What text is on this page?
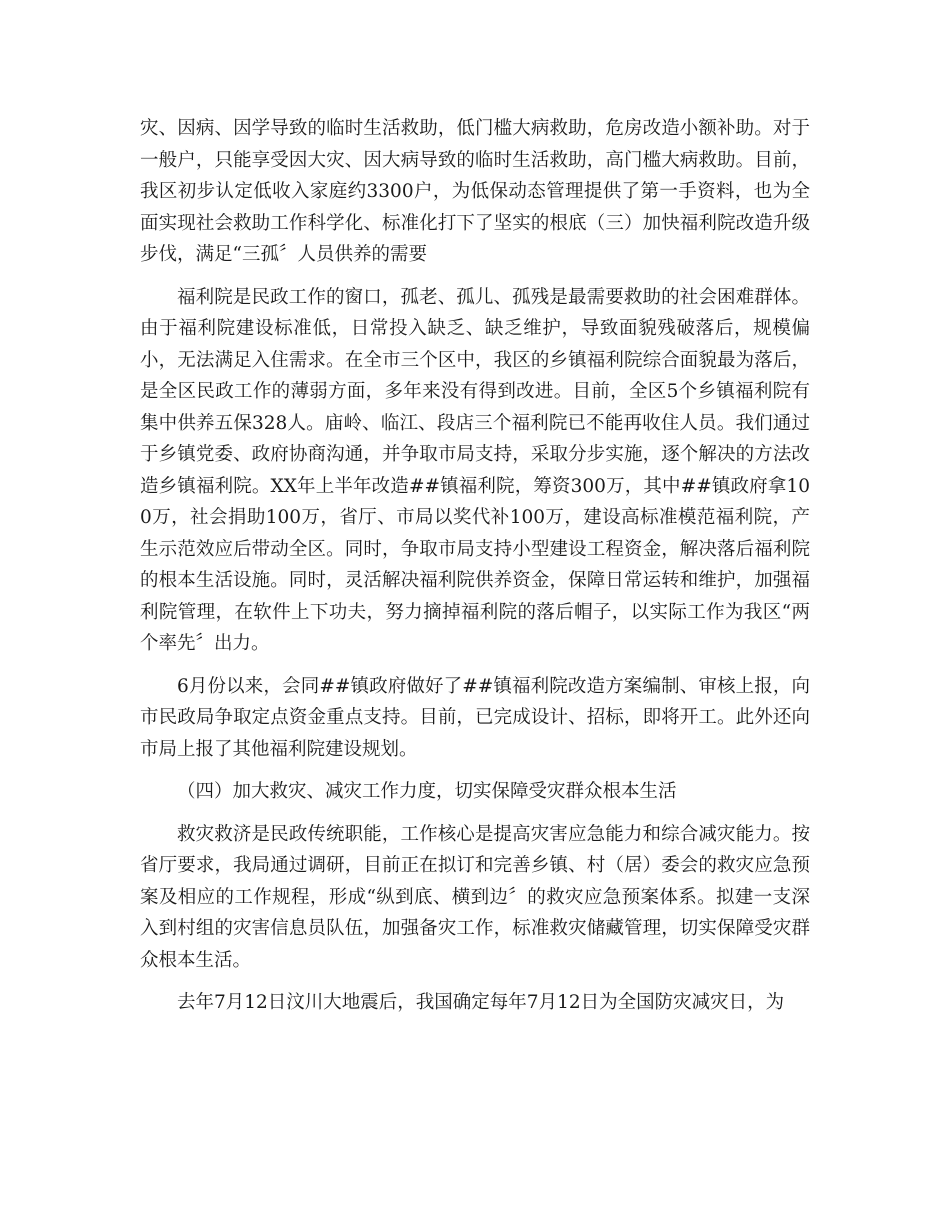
灾、因病、因学导致的临时生活救助，低门槛大病救助，危房改造小额补助。对于一般户，只能享受因大灾、因大病导致的临时生活救助，高门槛大病救助。目前，我区初步认定低收入家庭约3300户，为低保动态管理提供了第一手资料，也为全面实现社会救助工作科学化、标准化打下了坚实的根底（三）加快福利院改造升级步伐，满足“三孤〞人员供养的需要

福利院是民政工作的窗口，孤老、孤儿、孤残是最需要救助的社会困难群体。由于福利院建设标准低，日常投入缺乏、缺乏维护，导致面貌残破落后，规模偏小，无法满足入住需求。在全市三个区中，我区的乡镇福利院综合面貌最为落后，是全区民政工作的薄弱方面，多年来没有得到改进。目前，全区5个乡镇福利院有集中供养五保328人。庙岭、临江、段店三个福利院已不能再收住人员。我们通过于乡镇党委、政府协商沟通，并争取市局支持，采取分步实施，逐个解决的方法改造乡镇福利院。XX年上半年改造##镇福利院，筹资300万，其中##镇政府拿100万，社会捐助100万，省厅、市局以奖代补100万，建设高标准模范福利院，产生示范效应后带动全区。同时，争取市局支持小型建设工程资金，解决落后福利院的根本生活设施。同时，灵活解决福利院供养资金，保障日常运转和维护，加强福利院管理，在软件上下功夫，努力摘掉福利院的落后帽子，以实际工作为我区“两个率先〞出力。

6月份以来，会同##镇政府做好了##镇福利院改造方案编制、审核上报，向市民政局争取定点资金重点支持。目前，已完成设计、招标，即将开工。此外还向市局上报了其他福利院建设规划。

（四）加大救灾、减灾工作力度，切实保障受灾群众根本生活

救灾救济是民政传统职能，工作核心是提高灾害应急能力和综合减灾能力。按省厅要求，我局通过调研，目前正在拟订和完善乡镇、村（居）委会的救灾应急预案及相应的工作规程，形成“纵到底、横到边〞的救灾应急预案体系。拟建一支深入到村组的灾害信息员队伍，加强备灾工作，标准救灾储藏管理，切实保障受灾群众根本生活。

去年7月12日汶川大地震后，我国确定每年7月12日为全国防灾减灾日，为
